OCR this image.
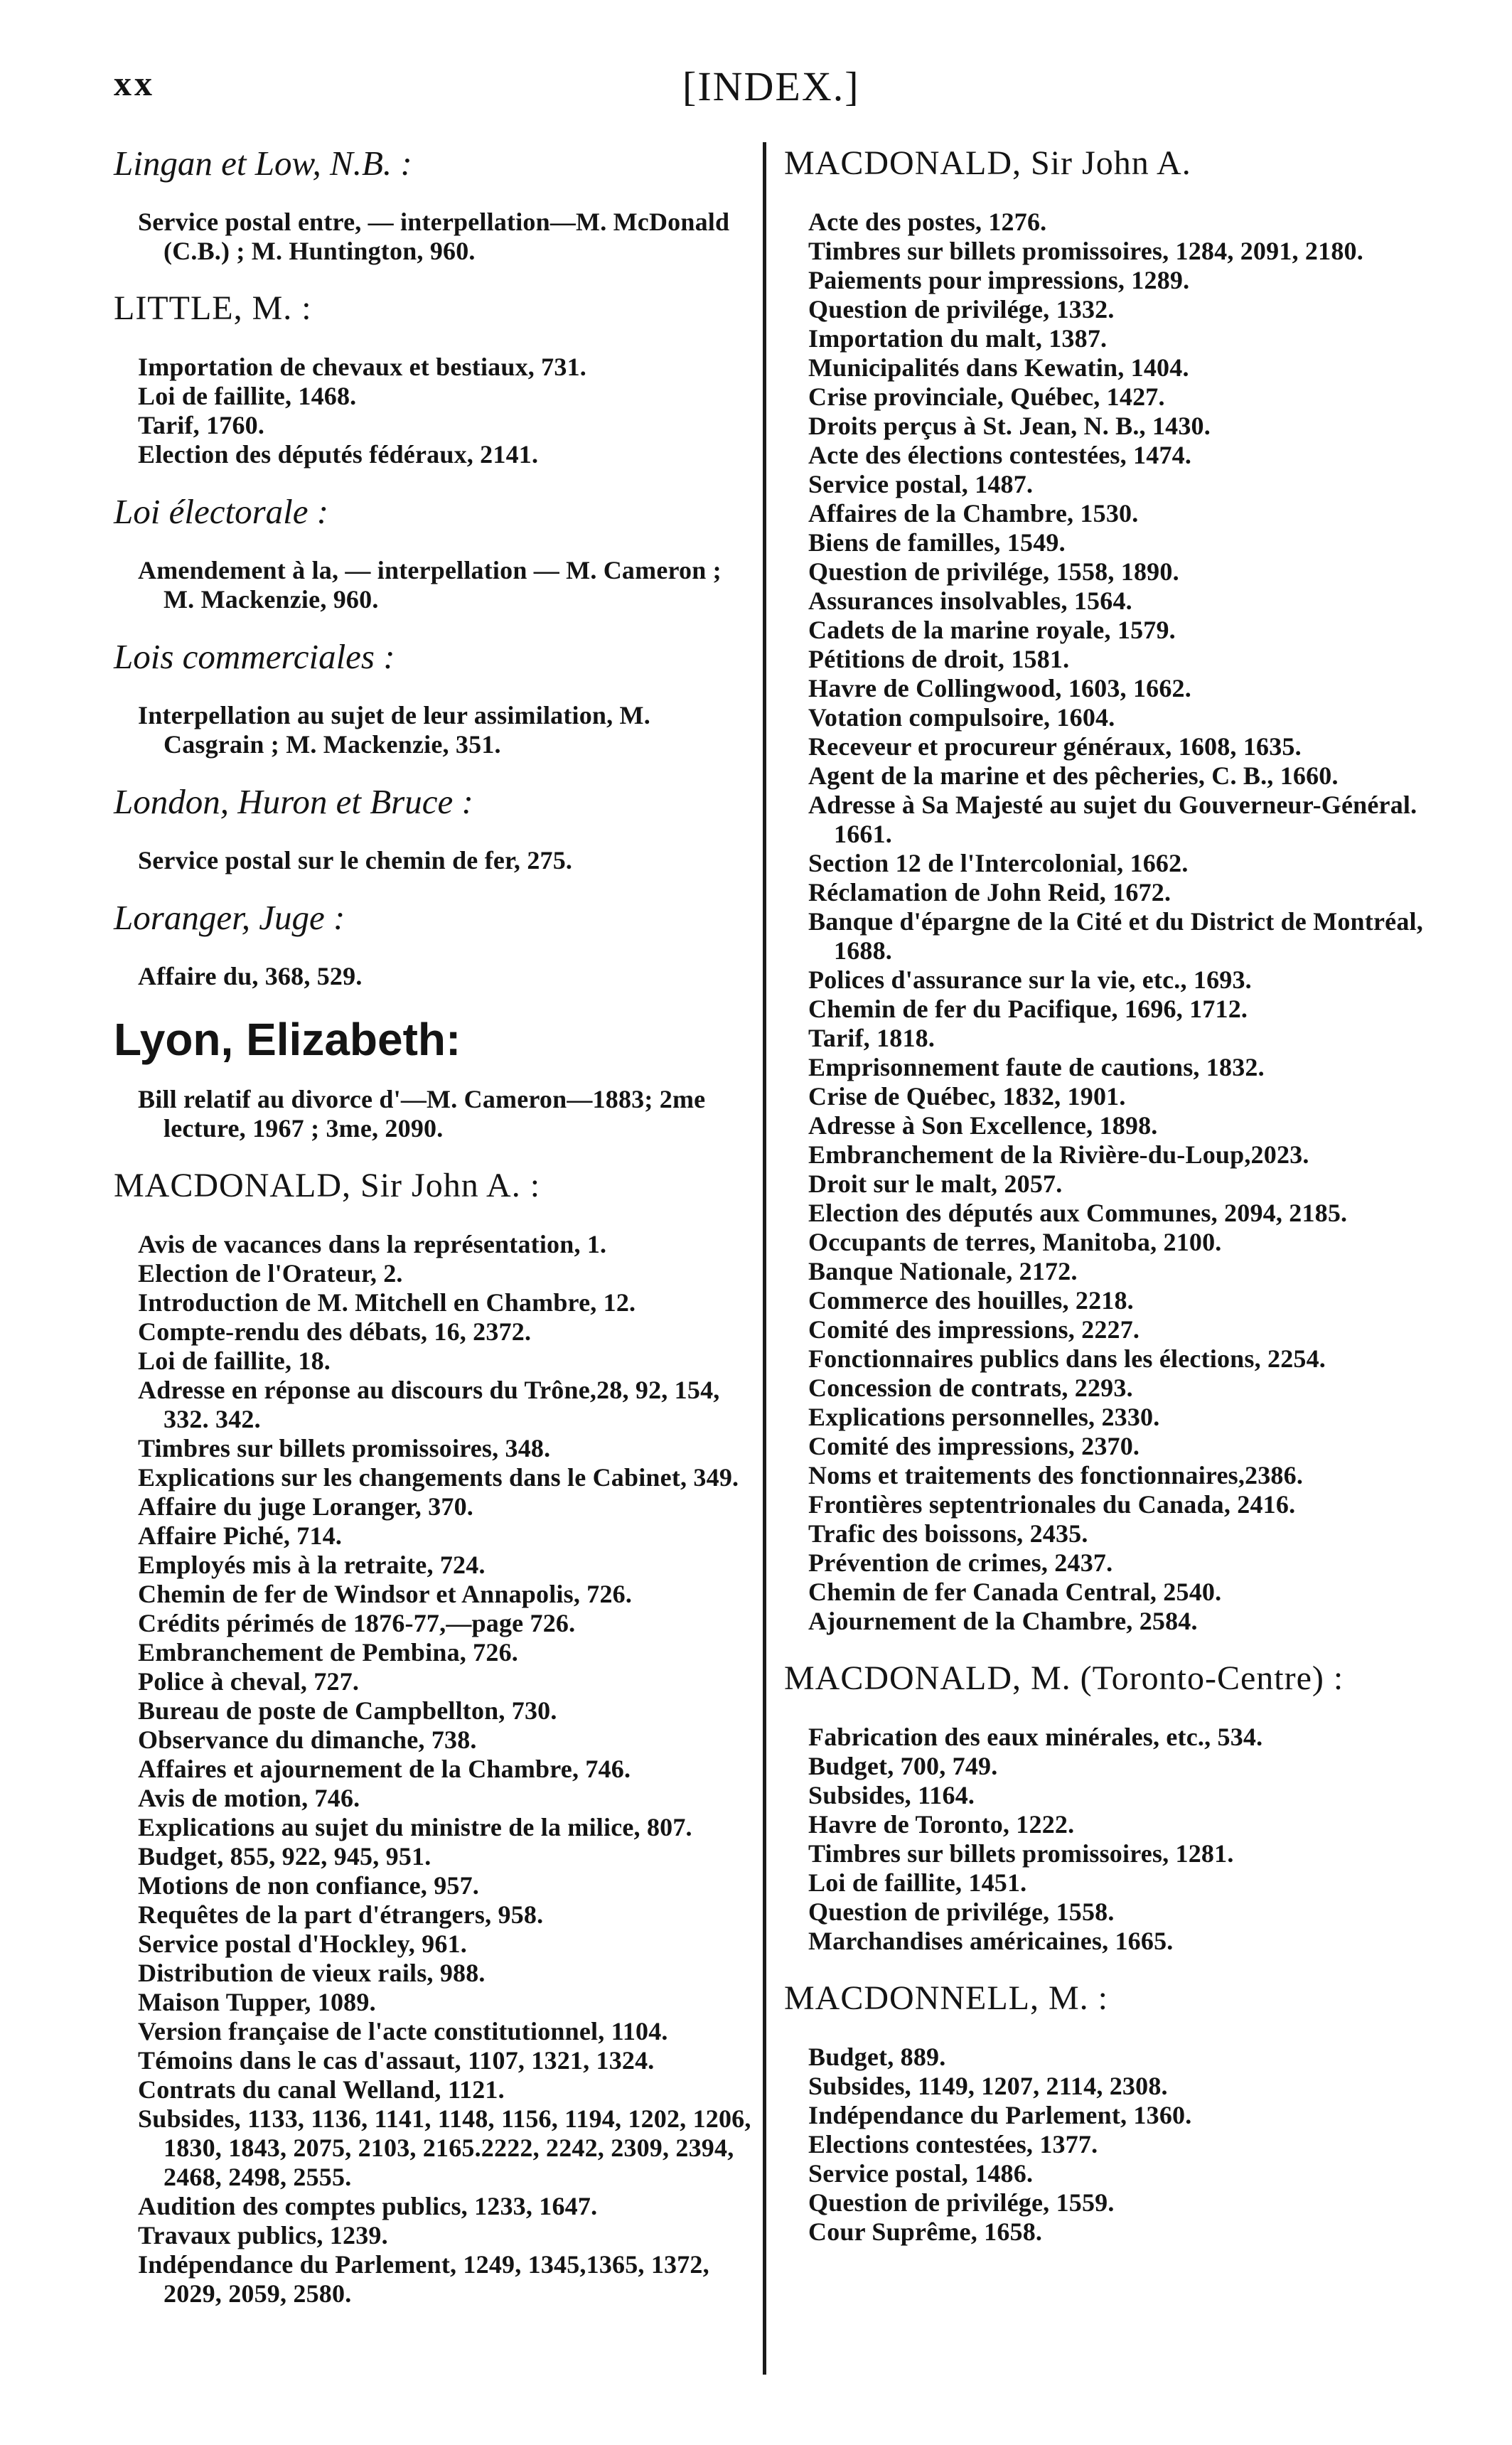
xx	[INDEX.]
Lingan et Low, N.B. :
Service postal entre, — interpellation—M. McDonald (C.B.) ; M. Huntington, 960.
LITTLE, M. :
Importation de chevaux et bestiaux, 731.
Loi de faillite, 1468.
Tarif, 1760.
Election des députés fédéraux, 2141.
Loi électorale :
Amendement à la, — interpellation — M. Cameron ; M. Mackenzie, 960.
Lois commerciales :
Interpellation au sujet de leur assimilation, M. Casgrain ; M. Mackenzie, 351.
London, Huron et Bruce :
Service postal sur le chemin de fer, 275.
Loranger, Juge :
Affaire du, 368, 529.
Lyon, Elizabeth:
Bill relatif au divorce d'—M. Cameron—1883; 2me lecture, 1967 ; 3me, 2090.
MACDONALD, Sir John A. :
Avis de vacances dans la représentation, 1.
Election de l'Orateur, 2.
Introduction de M. Mitchell en Chambre, 12.
Compte-rendu des débats, 16, 2372.
Loi de faillite, 18.
Adresse en réponse au discours du Trône,28, 92, 154, 332. 342.
Timbres sur billets promissoires, 348.
Explications sur les changements dans le Cabinet, 349.
Affaire du juge Loranger, 370.
Affaire Piché, 714.
Employés mis à la retraite, 724.
Chemin de fer de Windsor et Annapolis, 726.
Crédits périmés de 1876-77,—page 726.
Embranchement de Pembina, 726.
Police à cheval, 727.
Bureau de poste de Campbellton, 730.
Observance du dimanche, 738.
Affaires et ajournement de la Chambre, 746.
Avis de motion, 746.
Explications au sujet du ministre de la milice, 807.
Budget, 855, 922, 945, 951.
Motions de non confiance, 957.
Requêtes de la part d'étrangers, 958.
Service postal d'Hockley, 961.
Distribution de vieux rails, 988.
Maison Tupper, 1089.
Version française de l'acte constitutionnel, 1104.
Témoins dans le cas d'assaut, 1107, 1321, 1324.
Contrats du canal Welland, 1121.
Subsides, 1133, 1136, 1141, 1148, 1156, 1194, 1202, 1206, 1830, 1843, 2075, 2103, 2165.2222, 2242, 2309, 2394, 2468, 2498, 2555.
Audition des comptes publics, 1233, 1647.
Travaux publics, 1239.
Indépendance du Parlement, 1249, 1345,1365, 1372, 2029, 2059, 2580.
MACDONALD, Sir John A.
Acte des postes, 1276.
Timbres sur billets promissoires, 1284, 2091, 2180.
Paiements pour impressions, 1289.
Question de privilége, 1332.
Importation du malt, 1387.
Municipalités dans Kewatin, 1404.
Crise provinciale, Québec, 1427.
Droits perçus à St. Jean, N. B., 1430.
Acte des élections contestées, 1474.
Service postal, 1487.
Affaires de la Chambre, 1530.
Biens de familles, 1549.
Question de privilége, 1558, 1890.
Assurances insolvables, 1564.
Cadets de la marine royale, 1579.
Pétitions de droit, 1581.
Havre de Collingwood, 1603, 1662.
Votation compulsoire, 1604.
Receveur et procureur généraux, 1608, 1635.
Agent de la marine et des pêcheries, C. B., 1660.
Adresse à Sa Majesté au sujet du Gouverneur-Général. 1661.
Section 12 de l'Intercolonial, 1662.
Réclamation de John Reid, 1672.
Banque d'épargne de la Cité et du District de Montréal, 1688.
Polices d'assurance sur la vie, etc., 1693.
Chemin de fer du Pacifique, 1696, 1712.
Tarif, 1818.
Emprisonnement faute de cautions, 1832.
Crise de Québec, 1832, 1901.
Adresse à Son Excellence, 1898.
Embranchement de la Rivière-du-Loup,2023.
Droit sur le malt, 2057.
Election des députés aux Communes, 2094, 2185.
Occupants de terres, Manitoba, 2100.
Banque Nationale, 2172.
Commerce des houilles, 2218.
Comité des impressions, 2227.
Fonctionnaires publics dans les élections, 2254.
Concession de contrats, 2293.
Explications personnelles, 2330.
Comité des impressions, 2370.
Noms et traitements des fonctionnaires,2386.
Frontières septentrionales du Canada, 2416.
Trafic des boissons, 2435.
Prévention de crimes, 2437.
Chemin de fer Canada Central, 2540.
Ajournement de la Chambre, 2584.
MACDONALD, M. (Toronto-Centre) :
Fabrication des eaux minérales, etc., 534.
Budget, 700, 749.
Subsides, 1164.
Havre de Toronto, 1222.
Timbres sur billets promissoires, 1281.
Loi de faillite, 1451.
Question de privilége, 1558.
Marchandises américaines, 1665.
MACDONNELL, M. :
Budget, 889.
Subsides, 1149, 1207, 2114, 2308.
Indépendance du Parlement, 1360.
Elections contestées, 1377.
Service postal, 1486.
Question de privilége, 1559.
Cour Suprême, 1658.
